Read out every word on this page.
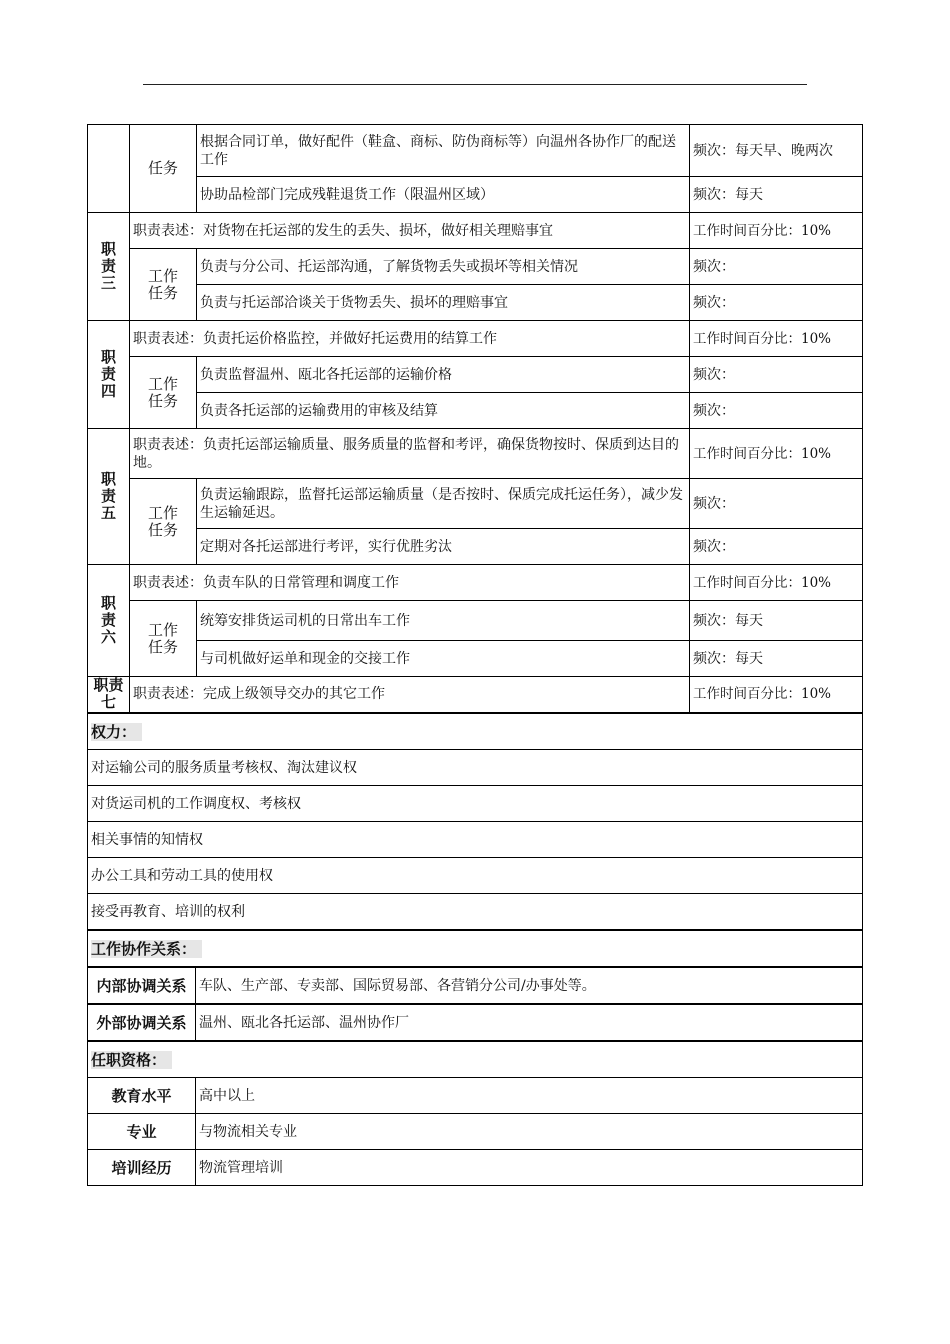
	任务	根据合同订单，做好配件（鞋盒、商标、防伪商标等）向温州各协作厂的配送工作	频次：每天早、晚两次
		协助品检部门完成残鞋退货工作（限温州区域）	频次：每天
职责三	职责表述：对货物在托运部的发生的丢失、损坏，做好相关理赔事宜		工作时间百分比：10%
	工作任务	负责与分公司、托运部沟通，了解货物丢失或损坏等相关情况	频次：
		负责与托运部洽谈关于货物丢失、损坏的理赔事宜	频次：
职责四	职责表述：负责托运价格监控，并做好托运费用的结算工作		工作时间百分比：10%
	工作任务	负责监督温州、瓯北各托运部的运输价格	频次：
		负责各托运部的运输费用的审核及结算	频次：
职责五	职责表述：负责托运部运输质量、服务质量的监督和考评，确保货物按时、保质到达目的地。		工作时间百分比：10%
	工作任务	负责运输跟踪，监督托运部运输质量（是否按时、保质完成托运任务），减少发生运输延迟。	频次：
		定期对各托运部进行考评，实行优胜劣汰	频次：
职责六	职责表述：负责车队的日常管理和调度工作		工作时间百分比：10%
	工作任务	统筹安排货运司机的日常出车工作	频次：每天
		与司机做好运单和现金的交接工作	频次：每天
职责七	职责表述：完成上级领导交办的其它工作		工作时间百分比：10%
权力：	
对运输公司的服务质量考核权、淘汰建议权	
对货运司机的工作调度权、考核权	
相关事情的知情权	
办公工具和劳动工具的使用权	
接受再教育、培训的权利	
工作协作关系：	
内部协调关系	车队、生产部、专卖部、国际贸易部、各营销分公司/办事处等。
外部协调关系	温州、瓯北各托运部、温州协作厂
任职资格：	
教育水平	高中以上
专业	与物流相关专业
培训经历	物流管理培训
